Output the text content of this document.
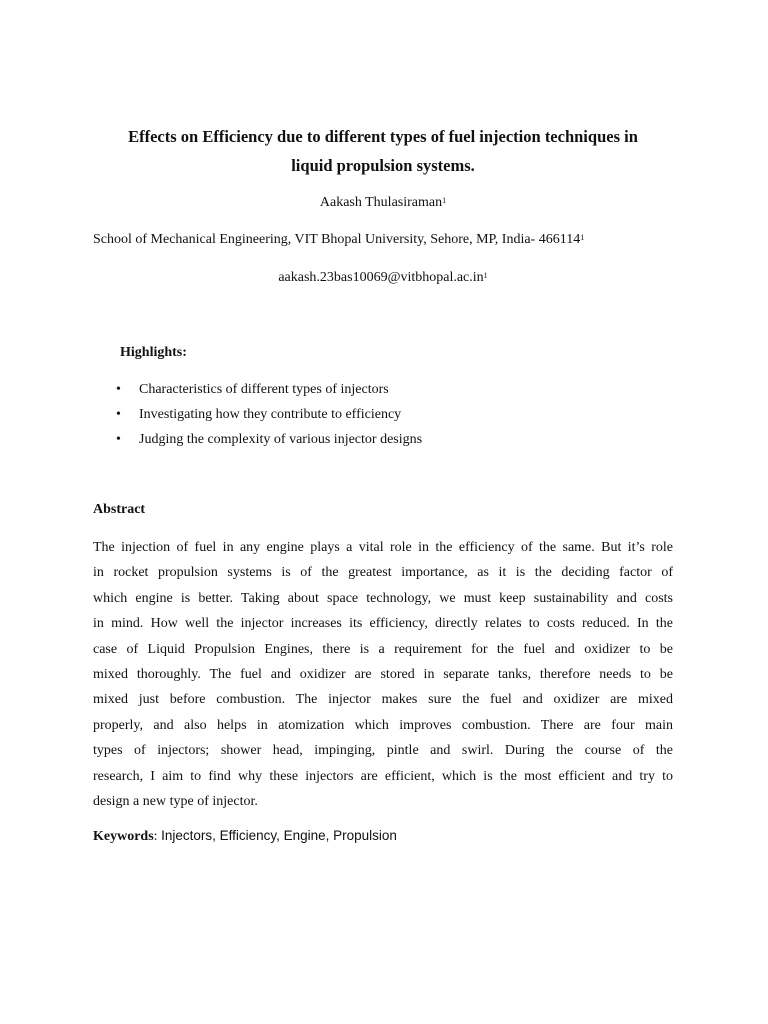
Effects on Efficiency due to different types of fuel injection techniques in
liquid propulsion systems.
Aakash Thulasiraman$^1$
School of Mechanical Engineering, VIT Bhopal University, Sehore, MP, India- 466114$^1$
$aakash.23bas10069@vitbhopal.ac.in^1$
Highlights:
• Characteristics of different types of injectors
• Investigating how they contribute to efficiency
• Judging the complexity of various injector designs
Abstract

The injection of fuel in any engine plays a vital role in the efficiency of the same. But it’s role
in rocket propulsion systems is of the greatest importance, as it is the deciding factor of
which engine is better. Taking about space technology, we must keep sustainability and costs
in mind. How well the injector increases its efficiency, directly relates to costs reduced. In the
case of Liquid Propulsion Engines, there is a requirement for the fuel and oxidizer to be
mixed thoroughly. The fuel and oxidizer are stored in separate tanks, therefore needs to be
mixed just before combustion. The injector makes sure the fuel and oxidizer are mixed
properly, and also helps in atomization which improves combustion. There are four main
types of injectors; shower head, impinging, pintle and swirl. During the course of the
research, I aim to find why these injectors are efficient, which is the most efficient and try to
design a new type of injector.

Keywords: Injectors, Efficiency, Engine, Propulsion
